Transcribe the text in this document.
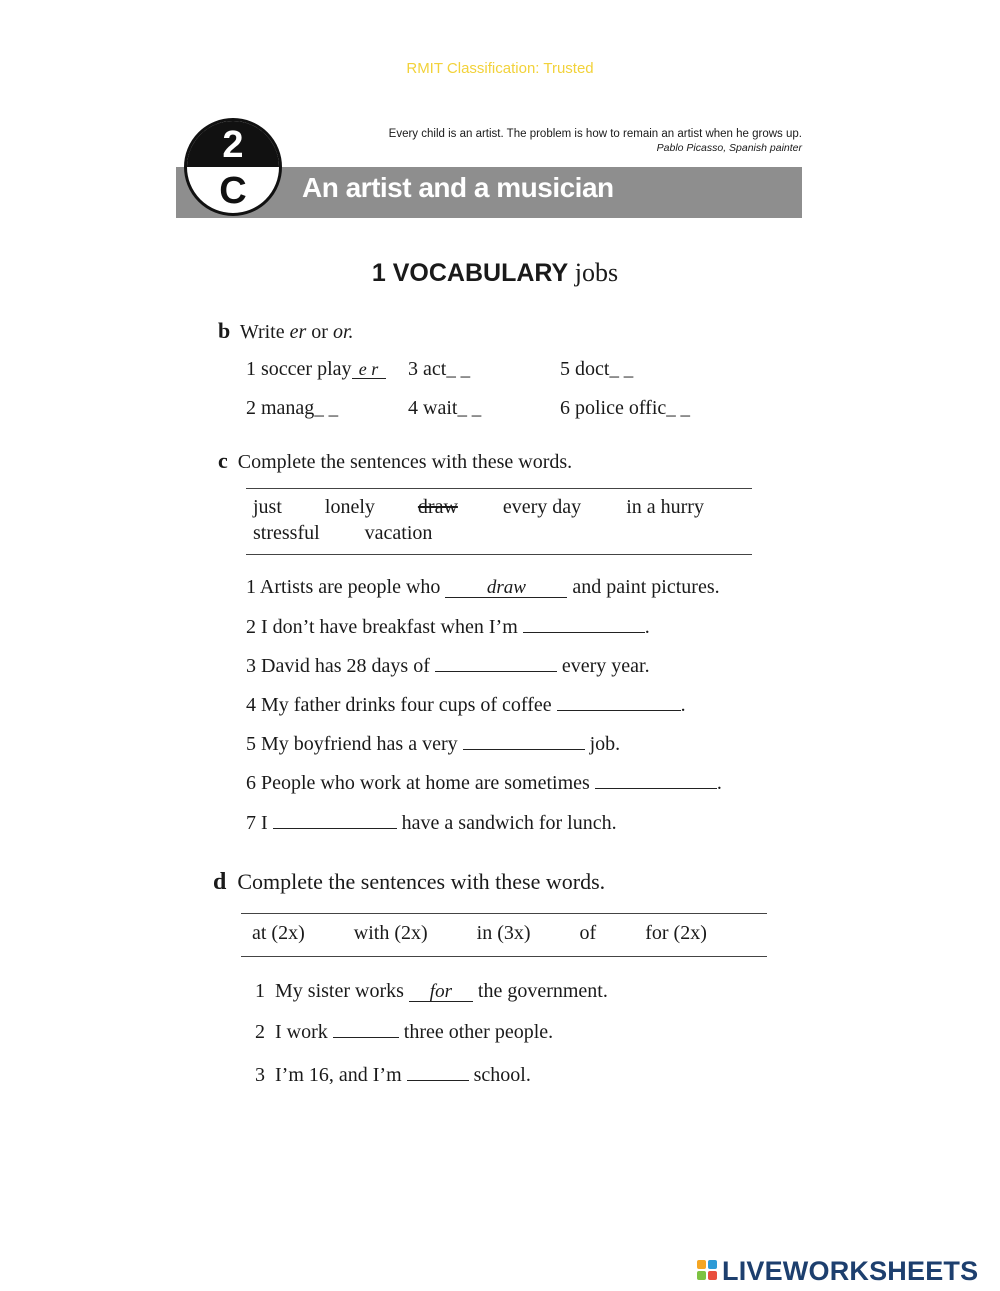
RMIT Classification: Trusted
An artist and a musician
2
C
Every child is an artist. The problem is how to remain an artist when he grows up.
Pablo Picasso, Spanish painter
1 VOCABULARY jobs
b Write er or or.
1 soccer play e r	3 act_ _	5 doct_ _
2 manag_ _	4 wait_ _	6 police offic_ _
c Complete the sentences with these words.
just lonely draw every day in a hurry
stressful vacation
1 Artists are people who draw and paint pictures.
2 I don’t have breakfast when I’m	.
3 David has 28 days of	every year.
4 My father drinks four cups of coffee	.
5 My boyfriend has a very	job.
6 People who work at home are sometimes	.
7 I	have a sandwich for lunch.
d Complete the sentences with these words.
at (2x) with (2x) in (3x) of for (2x)
1 My sister works for the government.
2 I work	three other people.
3 I’m 16, and I’m	school.
LIVEWORKSHEETS
